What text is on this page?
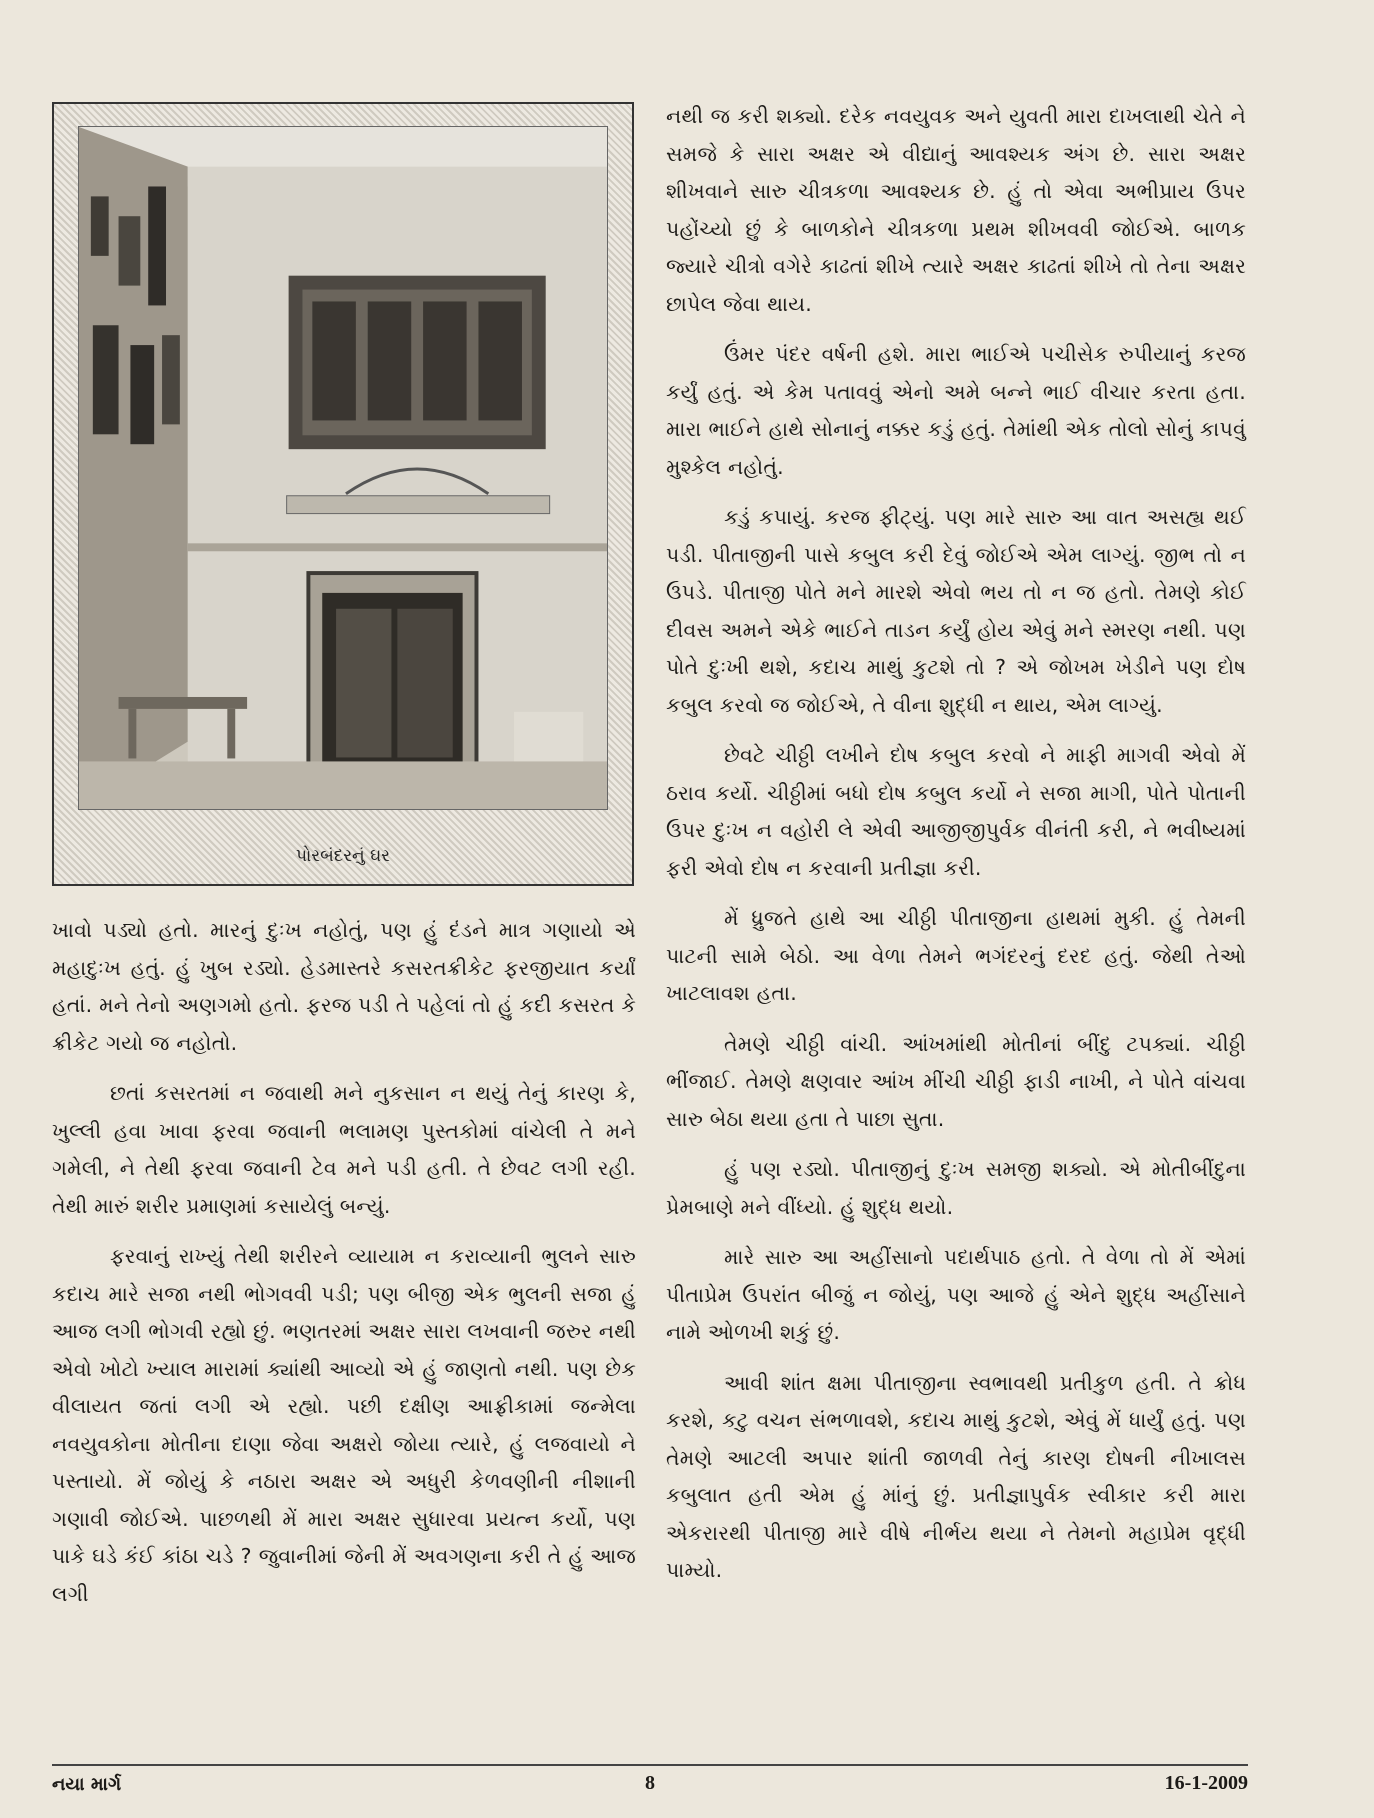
પોરબંદરનું ઘર

ખાવો પડ્યો હતો. મારનું દુઃખ નહોતું, પણ હું દંડને માત્ર ગણાયો એ મહાદુઃખ હતું. હું ખુબ રડ્યો. હેડમાસ્તરે કસરતક્રીકેટ ફરજીયાત કર્યાં હતાં. મને તેનો અણગમો હતો. ફરજ પડી તે પહેલાં તો હું કદી કસરત કે ક્રીકેટ ગયો જ નહોતો.

છતાં કસરતમાં ન જવાથી મને નુકસાન ન થયું તેનું કારણ કે, ખુલ્લી હવા ખાવા ફરવા જવાની ભલામણ પુસ્તકોમાં વાંચેલી તે મને ગમેલી, ને તેથી ફરવા જવાની ટેવ મને પડી હતી. તે છેવટ લગી રહી. તેથી મારું શરીર પ્રમાણમાં કસાયેલું બન્યું.

ફરવાનું રાખ્યું તેથી શરીરને વ્યાયામ ન કરાવ્યાની ભુલને સારુ કદાચ મારે સજા નથી ભોગવવી પડી; પણ બીજી એક ભુલની સજા હું આજ લગી ભોગવી રહ્યો છું. ભણતરમાં અક્ષર સારા લખવાની જરુર નથી એવો ખોટો ખ્યાલ મારામાં ક્યાંથી આવ્યો એ હું જાણતો નથી. પણ છેક વીલાયત જતાં લગી એ રહ્યો. પછી દક્ષીણ આફ્રીકામાં જન્મેલા નવયુવકોના મોતીના દાણા જેવા અક્ષરો જોયા ત્યારે, હું લજવાયો ને પસ્તાયો. મેં જોયું કે નઠારા અક્ષર એ અધુરી કેળવણીની નીશાની ગણાવી જોઈએ. પાછળથી મેં મારા અક્ષર સુધારવા પ્રયત્ન કર્યો, પણ પાકે ઘડે કંઈ કાંઠા ચડે ? જુવાનીમાં જેની મેં અવગણના કરી તે હું આજ લગી

નથી જ કરી શક્યો. દરેક નવયુવક અને યુવતી મારા દાખલાથી ચેતે ને સમજે કે સારા અક્ષર એ વીદ્યાનું આવશ્યક અંગ છે. સારા અક્ષર શીખવાને સારુ ચીત્રકળા આવશ્યક છે. હું તો એવા અભીપ્રાય ઉપર પહોંચ્યો છું કે બાળકોને ચીત્રકળા પ્રથમ શીખવવી જોઈએ. બાળક જ્યારે ચીત્રો વગેરે કાઢતાં શીખે ત્યારે અક્ષર કાઢતાં શીખે તો તેના અક્ષર છાપેલ જેવા થાય.

ઉંમર પંદર વર્ષની હશે. મારા ભાઈએ પચીસેક રુપીયાનું કરજ કર્યું હતું. એ કેમ પતાવવું એનો અમે બન્ને ભાઈ વીચાર કરતા હતા. મારા ભાઈને હાથે સોનાનું નક્કર કડું હતું. તેમાંથી એક તોલો સોનું કાપવું મુશ્કેલ નહોતું.

કડું કપાયું. કરજ ફીટ્યું. પણ મારે સારુ આ વાત અસહ્ય થઈ પડી. પીતાજીની પાસે કબુલ કરી દેવું જોઈએ એમ લાગ્યું. જીભ તો ન ઉપડે. પીતાજી પોતે મને મારશે એવો ભય તો ન જ હતો. તેમણે કોઈ દીવસ અમને એકે ભાઈને તાડન કર્યું હોય એવું મને સ્મરણ નથી. પણ પોતે દુઃખી થશે, કદાચ માથું કુટશે તો ? એ જોખમ ખેડીને પણ દોષ કબુલ કરવો જ જોઈએ, તે વીના શુદ્ધી ન થાય, એમ લાગ્યું.

છેવટે ચીઠ્ઠી લખીને દોષ કબુલ કરવો ને માફી માગવી એવો મેં ઠરાવ કર્યો. ચીઠ્ઠીમાં બધો દોષ કબુલ કર્યો ને સજા માગી, પોતે પોતાની ઉપર દુઃખ ન વહોરી લે એવી આજીજીપુર્વક વીનંતી કરી, ને ભવીષ્યમાં ફરી એવો દોષ ન કરવાની પ્રતીજ્ઞા કરી.

મેં ધ્રુજતે હાથે આ ચીઠ્ઠી પીતાજીના હાથમાં મુકી. હું તેમની પાટની સામે બેઠો. આ વેળા તેમને ભગંદરનું દરદ હતું. જેથી તેઓ ખાટલાવશ હતા.

તેમણે ચીઠ્ઠી વાંચી. આંખમાંથી મોતીનાં બીંદુ ટપક્યાં. ચીઠ્ઠી ભીંજાઈ. તેમણે ક્ષણવાર આંખ મીંચી ચીઠ્ઠી ફાડી નાખી, ને પોતે વાંચવા સારુ બેઠા થયા હતા તે પાછા સુતા.

હું પણ રડ્યો. પીતાજીનું દુઃખ સમજી શક્યો. એ મોતીબીંદુના પ્રેમબાણે મને વીંધ્યો. હું શુદ્ધ થયો.

મારે સારુ આ અહીંસાનો પદાર્થપાઠ હતો. તે વેળા તો મેં એમાં પીતાપ્રેમ ઉપરાંત બીજું ન જોયું, પણ આજે હું એને શુદ્ધ અહીંસાને નામે ઓળખી શકું છું.

આવી શાંત ક્ષમા પીતાજીના સ્વભાવથી પ્રતીકુળ હતી. તે ક્રોધ કરશે, કટુ વચન સંભળાવશે, કદાચ માથું કુટશે, એવું મેં ધાર્યું હતું. પણ તેમણે આટલી અપાર શાંતી જાળવી તેનું કારણ દોષની નીખાલસ કબુલાત હતી એમ હું માંનું છું. પ્રતીજ્ઞાપુર્વક સ્વીકાર કરી મારા એકરારથી પીતાજી મારે વીષે નીર્ભય થયા ને તેમનો મહાપ્રેમ વૃદ્ધી પામ્યો.

નયા માર્ગ	8	16-1-2009
